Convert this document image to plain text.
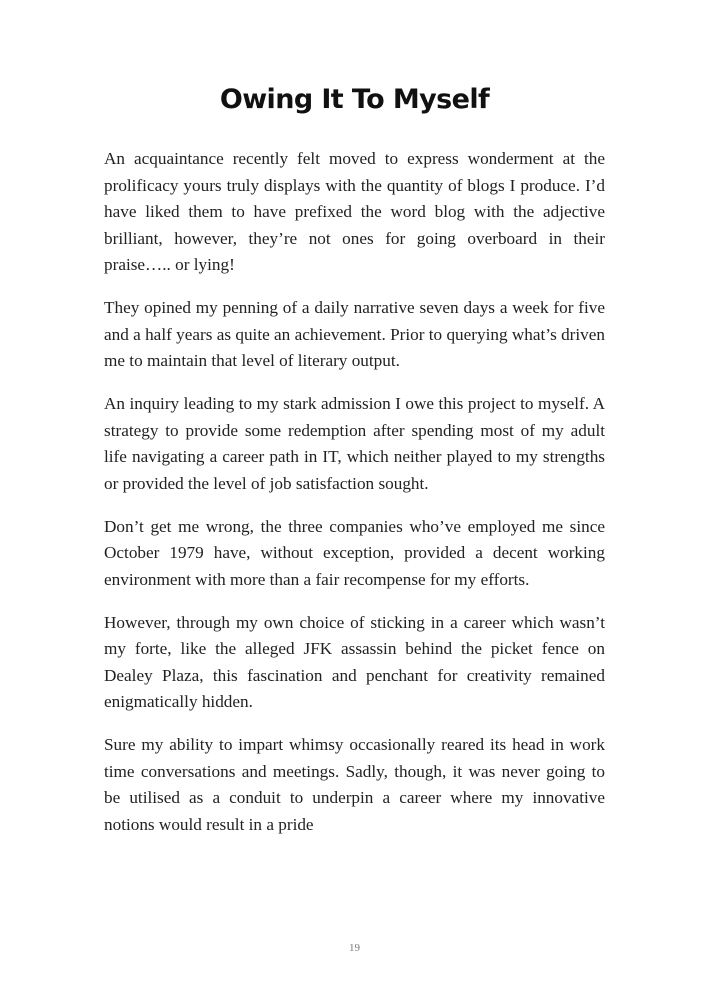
Owing It To Myself

An acquaintance recently felt moved to express wonderment at the prolificacy yours truly displays with the quantity of blogs I produce. I’d have liked them to have prefixed the word blog with the adjective brilliant, however, they’re not ones for going overboard in their praise….. or lying!

They opined my penning of a daily narrative seven days a week for five and a half years as quite an achievement. Prior to querying what’s driven me to maintain that level of literary output.

An inquiry leading to my stark admission I owe this project to myself. A strategy to provide some redemption after spending most of my adult life navigating a career path in IT, which neither played to my strengths or provided the level of job satisfaction sought.

Don’t get me wrong, the three companies who’ve employed me since October 1979 have, without exception, provided a decent working environment with more than a fair recompense for my efforts.

However, through my own choice of sticking in a career which wasn’t my forte, like the alleged JFK assassin behind the picket fence on Dealey Plaza, this fascination and penchant for creativity remained enigmatically hidden.

Sure my ability to impart whimsy occasionally reared its head in work time conversations and meetings. Sadly, though, it was never going to be utilised as a conduit to underpin a career where my innovative notions would result in a pride

19
